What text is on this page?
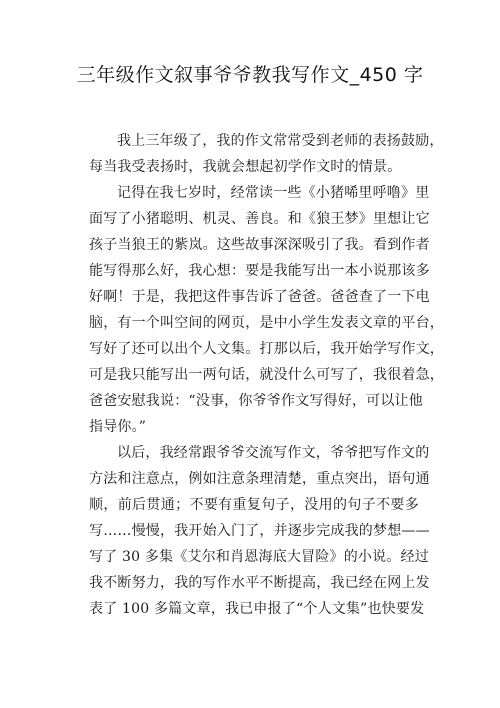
三年级作文叙事爷爷教我写作文_450 字
我上三年级了，我的作文常常受到老师的表扬鼓励，
每当我受表扬时，我就会想起初学作文时的情景。
记得在我七岁时，经常读一些《小猪唏里呼噜》里
面写了小猪聪明、机灵、善良。和《狼王梦》里想让它
孩子当狼王的紫岚。这些故事深深吸引了我。看到作者
能写得那么好，我心想：要是我能写出一本小说那该多
好啊！于是，我把这件事告诉了爸爸。爸爸查了一下电
脑，有一个叫空间的网页，是中小学生发表文章的平台，
写好了还可以出个人文集。打那以后，我开始学写作文，
可是我只能写出一两句话，就没什么可写了，我很着急，
爸爸安慰我说：“没事，你爷爷作文写得好，可以让他
指导你。”
以后，我经常跟爷爷交流写作文，爷爷把写作文的
方法和注意点，例如注意条理清楚，重点突出，语句通
顺，前后贯通；不要有重复句子，没用的句子不要多
写……慢慢，我开始入门了，并逐步完成我的梦想——
写了 30 多集《艾尔和肖恩海底大冒险》的小说。经过
我不断努力，我的写作水平不断提高，我已经在网上发
表了 100 多篇文章，我已申报了“个人文集”也快要发
